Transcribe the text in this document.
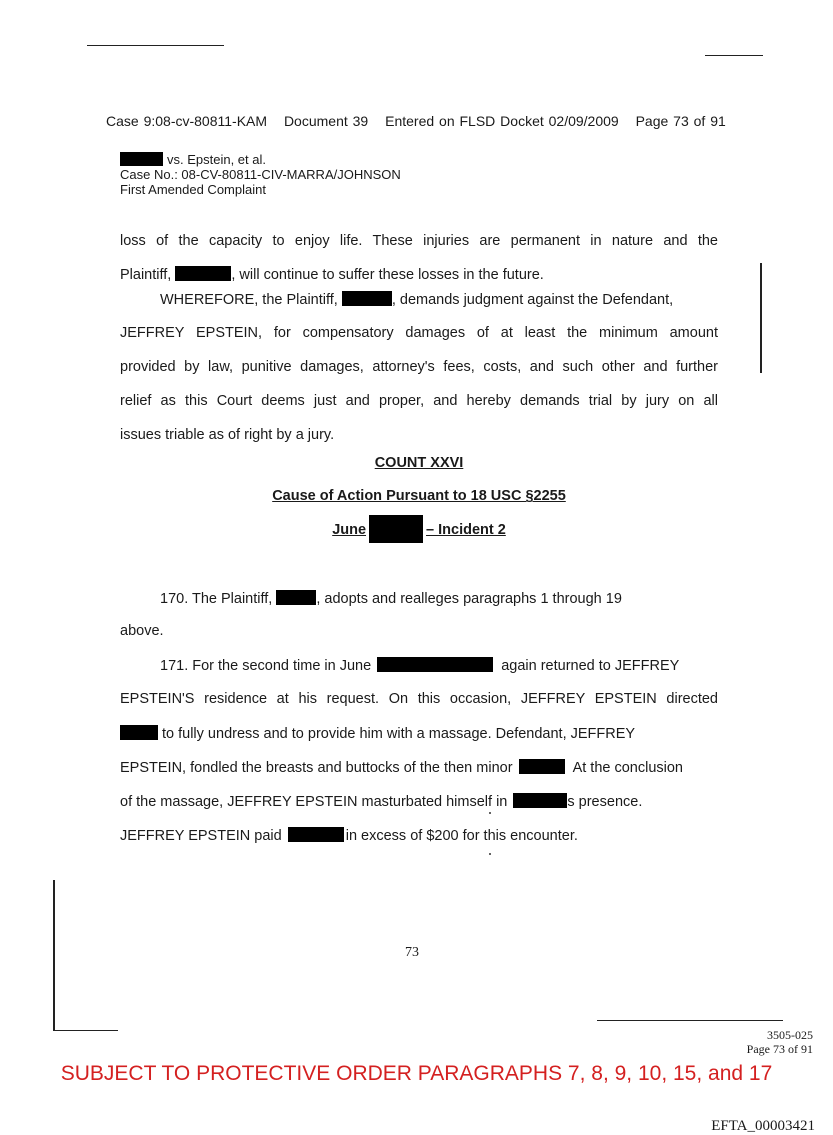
Case 9:08-cv-80811-KAM Document 39 Entered on FLSD Docket 02/09/2009 Page 73 of 91
vs. Epstein, et al.
Case No.: 08-CV-80811-CIV-MARRA/JOHNSON
First Amended Complaint
loss of the capacity to enjoy life. These injuries are permanent in nature and the
Plaintiff,	, will continue to suffer these losses in the future.
WHEREFORE, the Plaintiff,	, demands judgment against the Defendant,
JEFFREY EPSTEIN, for compensatory damages of at least the minimum amount
provided by law, punitive damages, attorney's fees, costs, and such other and further
relief as this Court deems just and proper, and hereby demands trial by jury on all
issues triable as of right by a jury.
COUNT XXVI
Cause of Action Pursuant to 18 USC §2255
June	– Incident 2
170. The Plaintiff,	, adopts and realleges paragraphs 1 through 19
above.
171. For the second time in June	again returned to JEFFREY
EPSTEIN'S residence at his request. On this occasion, JEFFREY EPSTEIN directed
to fully undress and to provide him with a massage. Defendant, JEFFREY
EPSTEIN, fondled the breasts and buttocks of the then minor	At the conclusion
of the massage, JEFFREY EPSTEIN masturbated himself in	s presence.
JEFFREY EPSTEIN paid	in excess of $200 for this encounter.
73
3505-025
Page 73 of 91
SUBJECT TO PROTECTIVE ORDER PARAGRAPHS 7, 8, 9, 10, 15, and 17
EFTA_00003421
